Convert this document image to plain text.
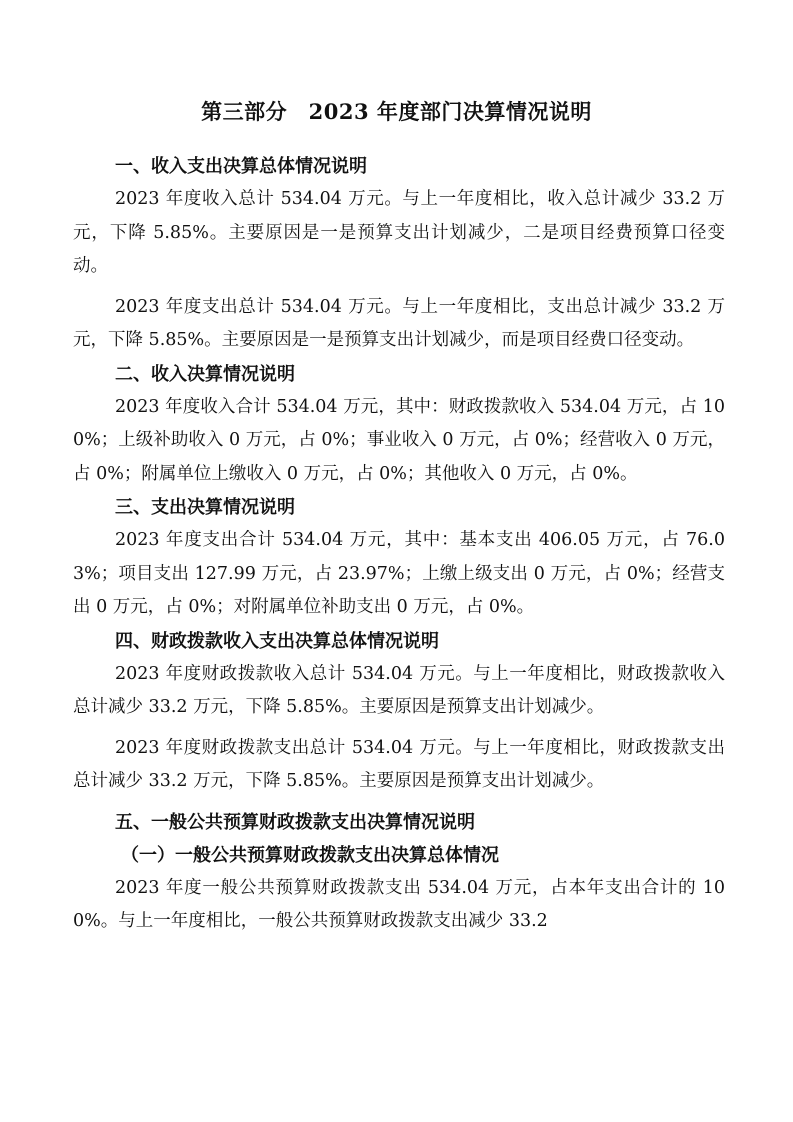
第三部分　2023 年度部门决算情况说明

一、收入支出决算总体情况说明

2023 年度收入总计 534.04 万元。与上一年度相比，收入总计减少 33.2 万元，下降 5.85%。主要原因是一是预算支出计划减少，二是项目经费预算口径变动。

2023 年度支出总计 534.04 万元。与上一年度相比，支出总计减少 33.2 万元，下降 5.85%。主要原因是一是预算支出计划减少，而是项目经费口径变动。

二、收入决算情况说明

2023 年度收入合计 534.04 万元，其中：财政拨款收入 534.04 万元，占 100%；上级补助收入 0 万元，占 0%；事业收入 0 万元，占 0%；经营收入 0 万元，占 0%；附属单位上缴收入 0 万元，占 0%；其他收入 0 万元，占 0%。

三、支出决算情况说明

2023 年度支出合计 534.04 万元，其中：基本支出 406.05 万元，占 76.03%；项目支出 127.99 万元，占 23.97%；上缴上级支出 0 万元，占 0%；经营支出 0 万元，占 0%；对附属单位补助支出 0 万元，占 0%。

四、财政拨款收入支出决算总体情况说明

2023 年度财政拨款收入总计 534.04 万元。与上一年度相比，财政拨款收入总计减少 33.2 万元，下降 5.85%。主要原因是预算支出计划减少。

2023 年度财政拨款支出总计 534.04 万元。与上一年度相比，财政拨款支出总计减少 33.2 万元，下降 5.85%。主要原因是预算支出计划减少。

五、一般公共预算财政拨款支出决算情况说明

（一）一般公共预算财政拨款支出决算总体情况

2023 年度一般公共预算财政拨款支出 534.04 万元，占本年支出合计的 100%。与上一年度相比，一般公共预算财政拨款支出减少 33.2
